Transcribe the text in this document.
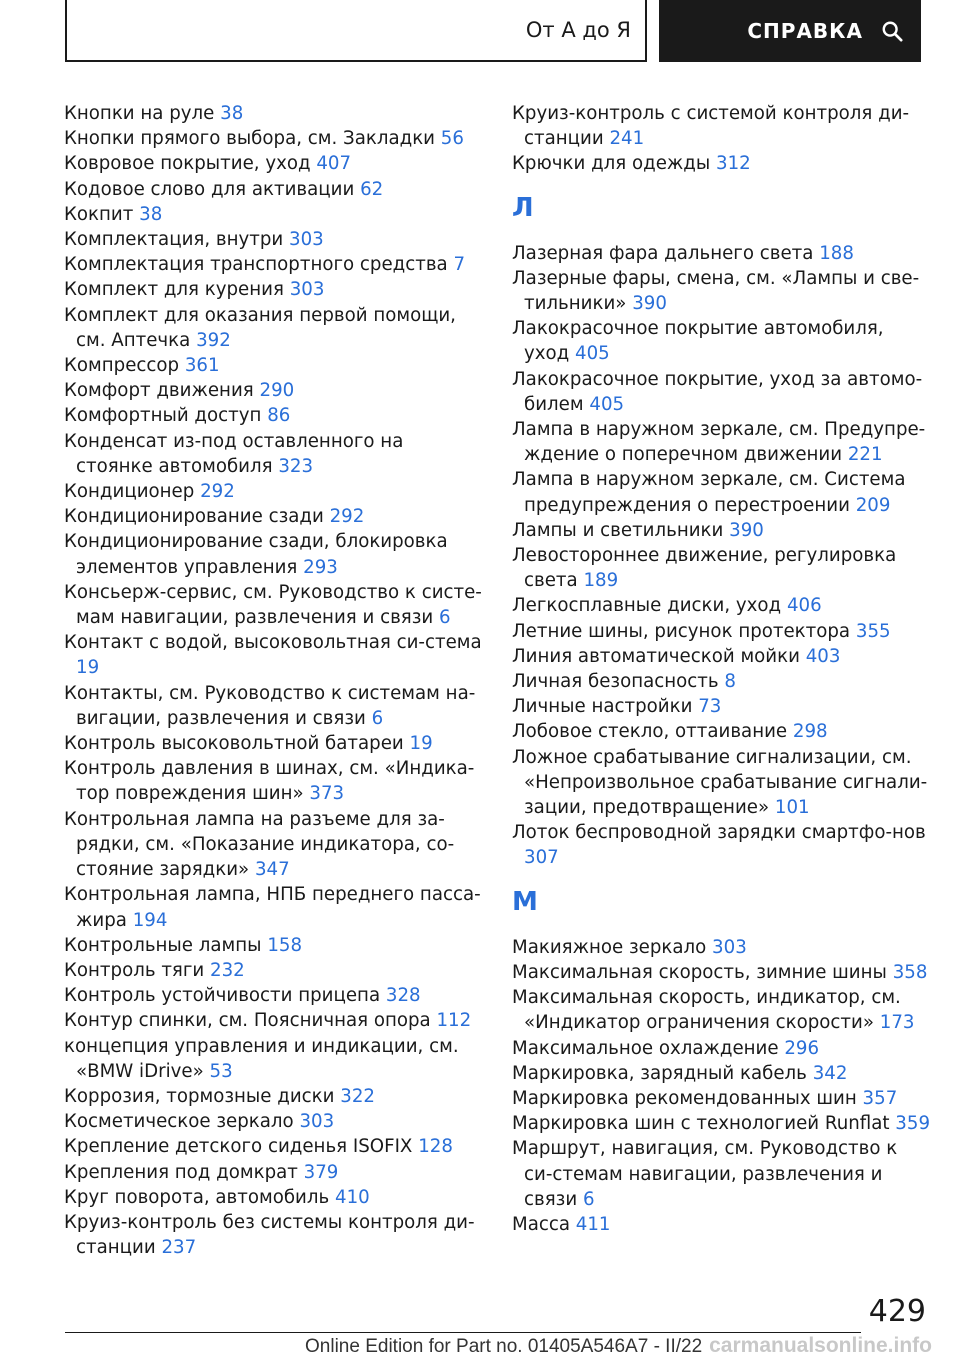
От А до Я	СПРАВКА
Кнопки на руле 38
Кнопки прямого выбора, см. Закладки 56
Ковровое покрытие, уход 407
Кодовое слово для активации 62
Кокпит 38
Комплектация, внутри 303
Комплектация транспортного средства 7
Комплект для курения 303
Комплект для оказания первой помощи, см. Аптечка 392
Компрессор 361
Комфорт движения 290
Комфортный доступ 86
Конденсат из-под оставленного на стоянке автомобиля 323
Кондиционер 292
Кондиционирование сзади 292
Кондиционирование сзади, блокировка элементов управления 293
Консьерж-сервис, см. Руководство к систе-мам навигации, развлечения и связи 6
Контакт с водой, высоковольтная си-стема 19
Контакты, см. Руководство к системам на-вигации, развлечения и связи 6
Контроль высоковольтной батареи 19
Контроль давления в шинах, см. «Индика-тор повреждения шин» 373
Контрольная лампа на разъеме для за-рядки, см. «Показание индикатора, со-стояние зарядки» 347
Контрольная лампа, НПБ переднего пасса-жира 194
Контрольные лампы 158
Контроль тяги 232
Контроль устойчивости прицепа 328
Контур спинки, см. Поясничная опора 112
концепция управления и индикации, см. «BMW iDrive» 53
Коррозия, тормозные диски 322
Косметическое зеркало 303
Крепление детского сиденья ISOFIX 128
Крепления под домкрат 379
Круг поворота, автомобиль 410
Круиз-контроль без системы контроля ди-станции 237
Круиз-контроль с системой контроля ди-станции 241
Крючки для одежды 312
Л
Лазерная фара дальнего света 188
Лазерные фары, смена, см. «Лампы и све-тильники» 390
Лакокрасочное покрытие автомобиля, уход 405
Лакокрасочное покрытие, уход за автомо-билем 405
Лампа в наружном зеркале, см. Предупре-ждение о поперечном движении 221
Лампа в наружном зеркале, см. Система предупреждения о перестроении 209
Лампы и светильники 390
Левостороннее движение, регулировка света 189
Легкосплавные диски, уход 406
Летние шины, рисунок протектора 355
Линия автоматической мойки 403
Личная безопасность 8
Личные настройки 73
Лобовое стекло, оттаивание 298
Ложное срабатывание сигнализации, см. «Непроизвольное срабатывание сигнали-зации, предотвращение» 101
Лоток беспроводной зарядки смартфо-нов 307
М
Макияжное зеркало 303
Максимальная скорость, зимние шины 358
Максимальная скорость, индикатор, см. «Индикатор ограничения скорости» 173
Максимальное охлаждение 296
Маркировка, зарядный кабель 342
Маркировка рекомендованных шин 357
Маркировка шин с технологией Runflat 359
Маршрут, навигация, см. Руководство к си-стемам навигации, развлечения и связи 6
Масса 411
429
Online Edition for Part no. 01405A546A7 - II/22 carmanualsonline.info
